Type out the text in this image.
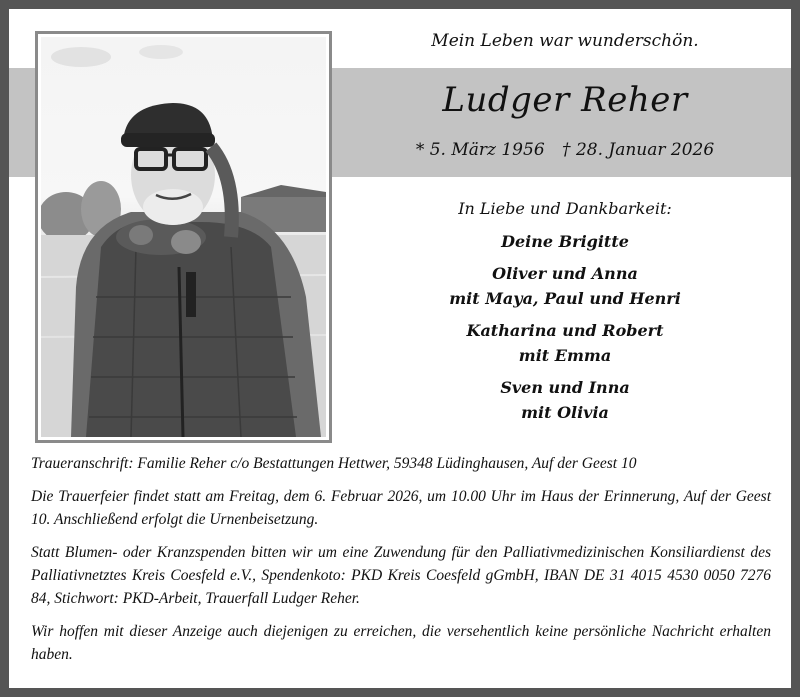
Mein Leben war wunderschön.
Ludger Reher
* 5. März 1956 † 28. Januar 2026
In Liebe und Dankbarkeit:
Deine Brigitte
Oliver und Anna
mit Maya, Paul und Henri
Katharina und Robert
mit Emma
Sven und Inna
mit Olivia
Traueranschrift: Familie Reher c/o Bestattungen Hettwer, 59348 Lüdinghausen, Auf der Geest 10
Die Trauerfeier findet statt am Freitag, dem 6. Februar 2026, um 10.00 Uhr im Haus der Erinnerung, Auf der Geest 10. Anschließend erfolgt die Urnenbeisetzung.
Statt Blumen- oder Kranzspenden bitten wir um eine Zuwendung für den Palliativmedizinischen Konsiliardienst des Palliativnetztes Kreis Coesfeld e.V., Spendenkoto: PKD Kreis Coesfeld gGmbH, IBAN DE 31 4015 4530 0050 7276 84, Stichwort: PKD-Arbeit, Trauerfall Ludger Reher.
Wir hoffen mit dieser Anzeige auch diejenigen zu erreichen, die versehentlich keine persönliche Nachricht erhalten haben.
